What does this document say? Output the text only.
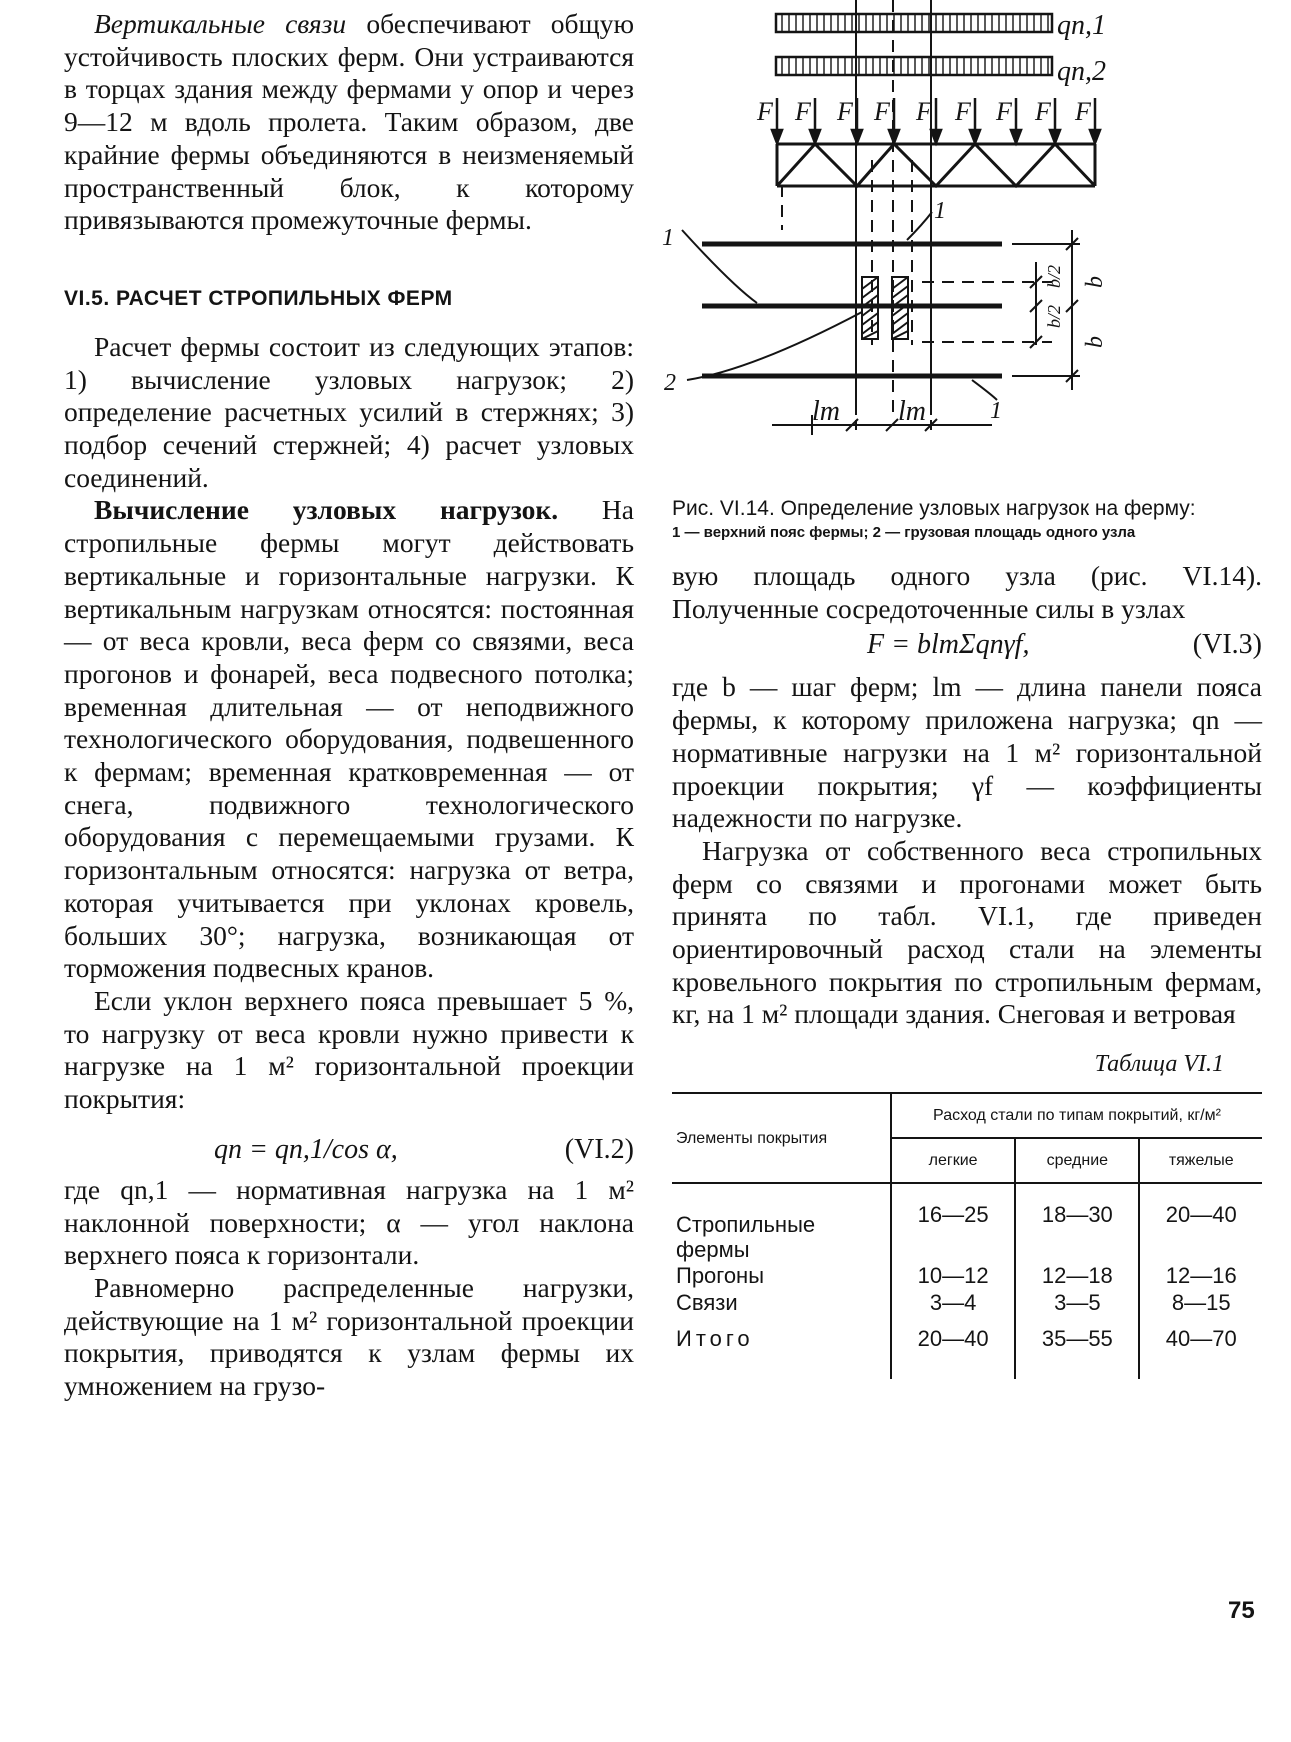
Вертикальные связи обеспечивают общую устойчивость плоских ферм. Они устраиваются в торцах здания между фермами у опор и через 9—12 м вдоль пролета. Таким образом, две крайние фермы объединяются в неизменяемый пространственный блок, к которому привязываются промежуточные фермы.

VI.5. РАСЧЕТ СТРОПИЛЬНЫХ ФЕРМ

Расчет фермы состоит из следующих этапов: 1) вычисление узловых нагрузок; 2) определение расчетных усилий в стержнях; 3) подбор сечений стержней; 4) расчет узловых соединений.

Вычисление узловых нагрузок. На стропильные фермы могут действовать вертикальные и горизонтальные нагрузки. К вертикальным нагрузкам относятся: постоянная — от веса кровли, веса ферм со связями, веса прогонов и фонарей, веса подвесного потолка; временная длительная — от неподвижного технологического оборудования, подвешенного к фермам; временная кратковременная — от снега, подвижного технологического оборудования с перемещаемыми грузами. К горизонтальным относятся: нагрузка от ветра, которая учитывается при уклонах кровель, больших 30°; нагрузка, возникающая от торможения подвесных кранов.

Если уклон верхнего пояса превышает 5 %, то нагрузку от веса кровли нужно привести к нагрузке на 1 м² горизонтальной проекции покрытия:

qn = qn,1/cos α,	(VI.2)

где qn,1 — нормативная нагрузка на 1 м² наклонной поверхности; α — угол наклона верхнего пояса к горизонтали.

Равномерно распределенные нагрузки, действующие на 1 м² горизонтальной проекции покрытия, приводятся к узлам фермы их умножением на грузо-

F F F F F F F F F
qn,1
qn,2
1
1
2
1
b
b
b/2
b/2
lm lm

Рис. VI.14. Определение узловых нагрузок на ферму:

1 — верхний пояс фермы; 2 — грузовая площадь одного узла

вую площадь одного узла (рис. VI.14). Полученные сосредоточенные силы в узлах

F = blmΣqnγf,	(VI.3)

где b — шаг ферм; lm — длина панели пояса фермы, к которому приложена нагрузка; qn — нормативные нагрузки на 1 м² горизонтальной проекции покрытия; γf — коэффициенты надежности по нагрузке.

Нагрузка от собственного веса стропильных ферм со связями и прогонами может быть принята по табл. VI.1, где приведен ориентировочный расход стали на элементы кровельного покрытия по стропильным фермам, кг, на 1 м² площади здания. Снеговая и ветровая

Таблица VI.1

Элементы покрытия	Расход стали по типам покрытий, кг/м²		
	легкие	средние	тяжелые
Стропильные фермы	16—25	18—30	20—40
Прогоны	10—12	12—18	12—16
Связи	3—4	3—5	8—15
Итого	20—40	35—55	40—70
75
